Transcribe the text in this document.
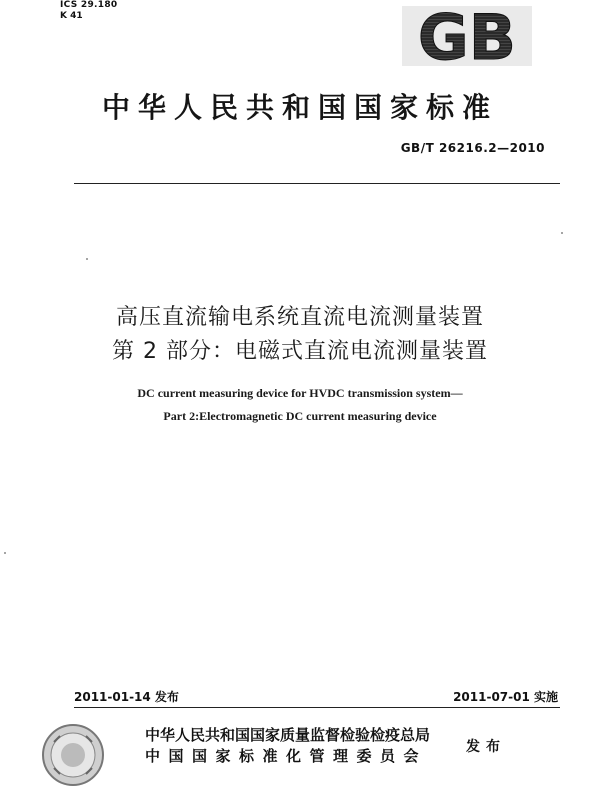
ICS 29.180
K 41	GB
中华人民共和国国家标准
GB/T 26216.2—2010
高压直流输电系统直流电流测量装置
第 2 部分：电磁式直流电流测量装置
DC current measuring device for HVDC transmission system—
Part 2:Electromagnetic DC current measuring device
2011-01-14 发布	2011-07-01 实施
中华人民共和国国家质量监督检验检疫总局
中国国家标准化管理委员会	发布
